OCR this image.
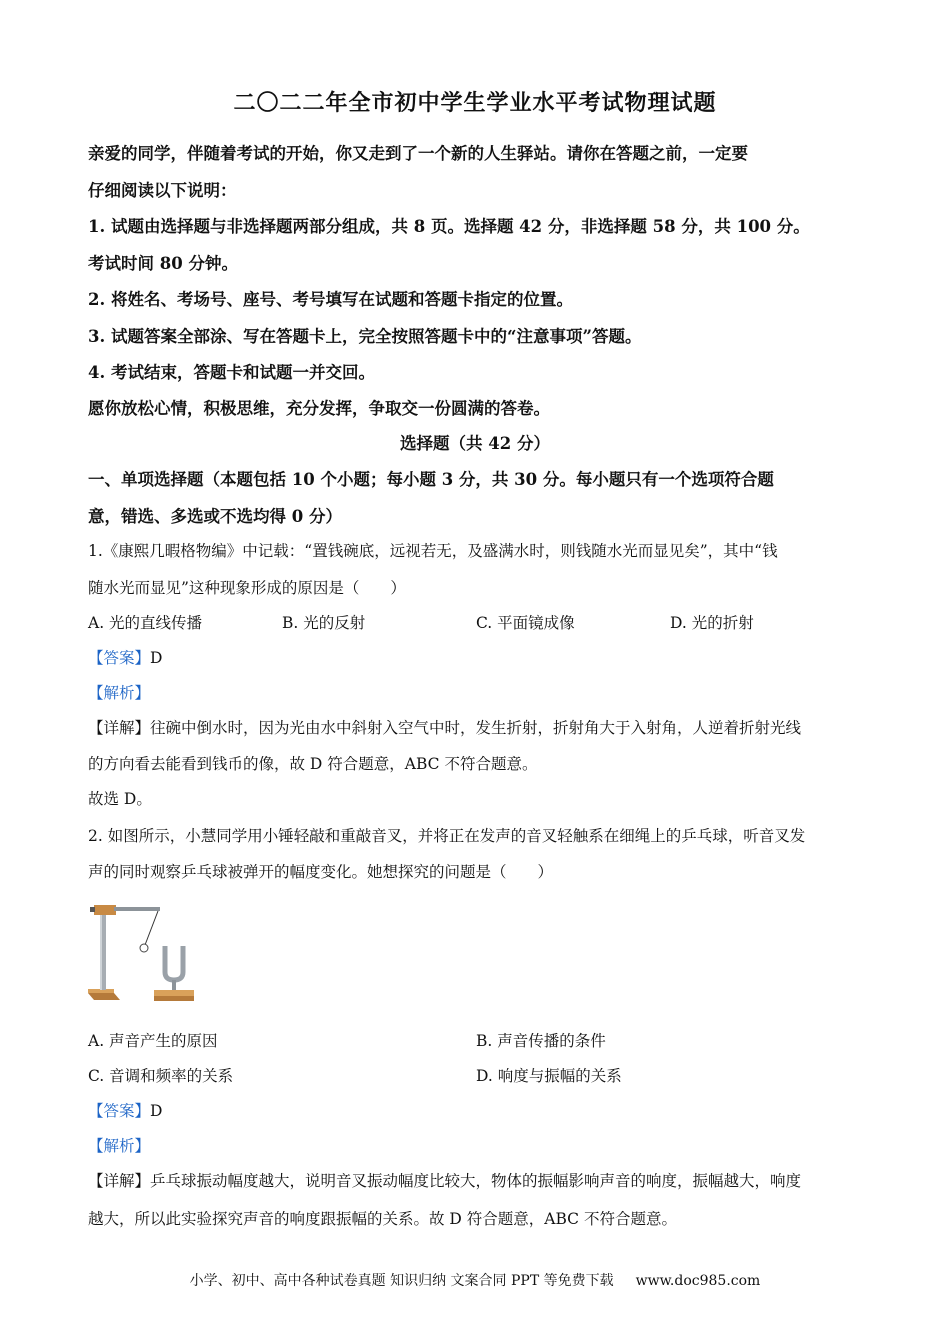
二〇二二年全市初中学生学业水平考试物理试题
亲爱的同学，伴随着考试的开始，你又走到了一个新的人生驿站。请你在答题之前，一定要
仔细阅读以下说明：
1. 试题由选择题与非选择题两部分组成，共 8 页。选择题 42 分，非选择题 58 分，共 100 分。
考试时间 80 分钟。
2. 将姓名、考场号、座号、考号填写在试题和答题卡指定的位置。
3. 试题答案全部涂、写在答题卡上，完全按照答题卡中的“注意事项”答题。
4. 考试结束，答题卡和试题一并交回。
愿你放松心情，积极思维，充分发挥，争取交一份圆满的答卷。
选择题（共 42 分）
一、单项选择题（本题包括 10 个小题；每小题 3 分，共 30 分。每小题只有一个选项符合题
意，错选、多选或不选均得 0 分）
1.《康熙几暇格物编》中记载：“置钱碗底，远视若无，及盛满水时，则钱随水光而显见矣”，其中“钱
随水光而显见”这种现象形成的原因是（　　）
A. 光的直线传播	B. 光的反射	C. 平面镜成像	D. 光的折射
【答案】D
【解析】
【详解】往碗中倒水时，因为光由水中斜射入空气中时，发生折射，折射角大于入射角，人逆着折射光线
的方向看去能看到钱币的像，故 D 符合题意，ABC 不符合题意。
故选 D。
2. 如图所示，小慧同学用小锤轻敲和重敲音叉，并将正在发声的音叉轻触系在细绳上的乒乓球，听音叉发
声的同时观察乒乓球被弹开的幅度变化。她想探究的问题是（　　）
A. 声音产生的原因	B. 声音传播的条件
C. 音调和频率的关系	D. 响度与振幅的关系
【答案】D
【解析】
【详解】乒乓球振动幅度越大，说明音叉振动幅度比较大，物体的振幅影响声音的响度，振幅越大，响度
越大，所以此实验探究声音的响度跟振幅的关系。故 D 符合题意，ABC 不符合题意。
小学、初中、高中各种试卷真题 知识归纳 文案合同 PPT 等免费下载 www.doc985.com
